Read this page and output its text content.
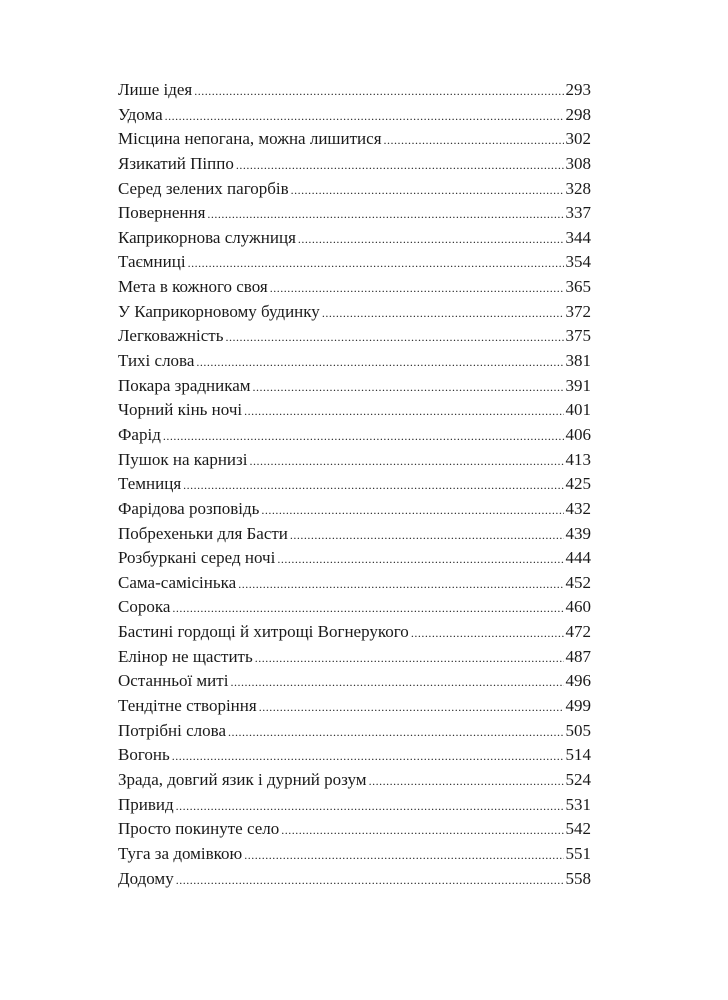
Лише ідея .....	293
Удома .....	298
Місцина непогана, можна лишитися .....	302
Язикатий Піппо .....	308
Серед зелених пагорбів .....	328
Повернення .....	337
Каприкорнова служниця .....	344
Таємниці .....	354
Мета в кожного своя .....	365
У Каприкорновому будинку .....	372
Легковажність .....	375
Тихі слова .....	381
Покара зрадникам .....	391
Чорний кінь ночі .....	401
Фарід .....	406
Пушок на карнизі .....	413
Темниця .....	425
Фарідова розповідь .....	432
Побрехеньки для Басти .....	439
Розбуркані серед ночі .....	444
Сама-самісінька .....	452
Сорока .....	460
Бастині гордощі й хитрощі Вогнерукого .....	472
Елінор не щастить .....	487
Останньої миті .....	496
Тендітне створіння .....	499
Потрібні слова .....	505
Вогонь .....	514
Зрада, довгий язик і дурний розум .....	524
Привид .....	531
Просто покинуте село .....	542
Туга за домівкою .....	551
Додому .....	558
